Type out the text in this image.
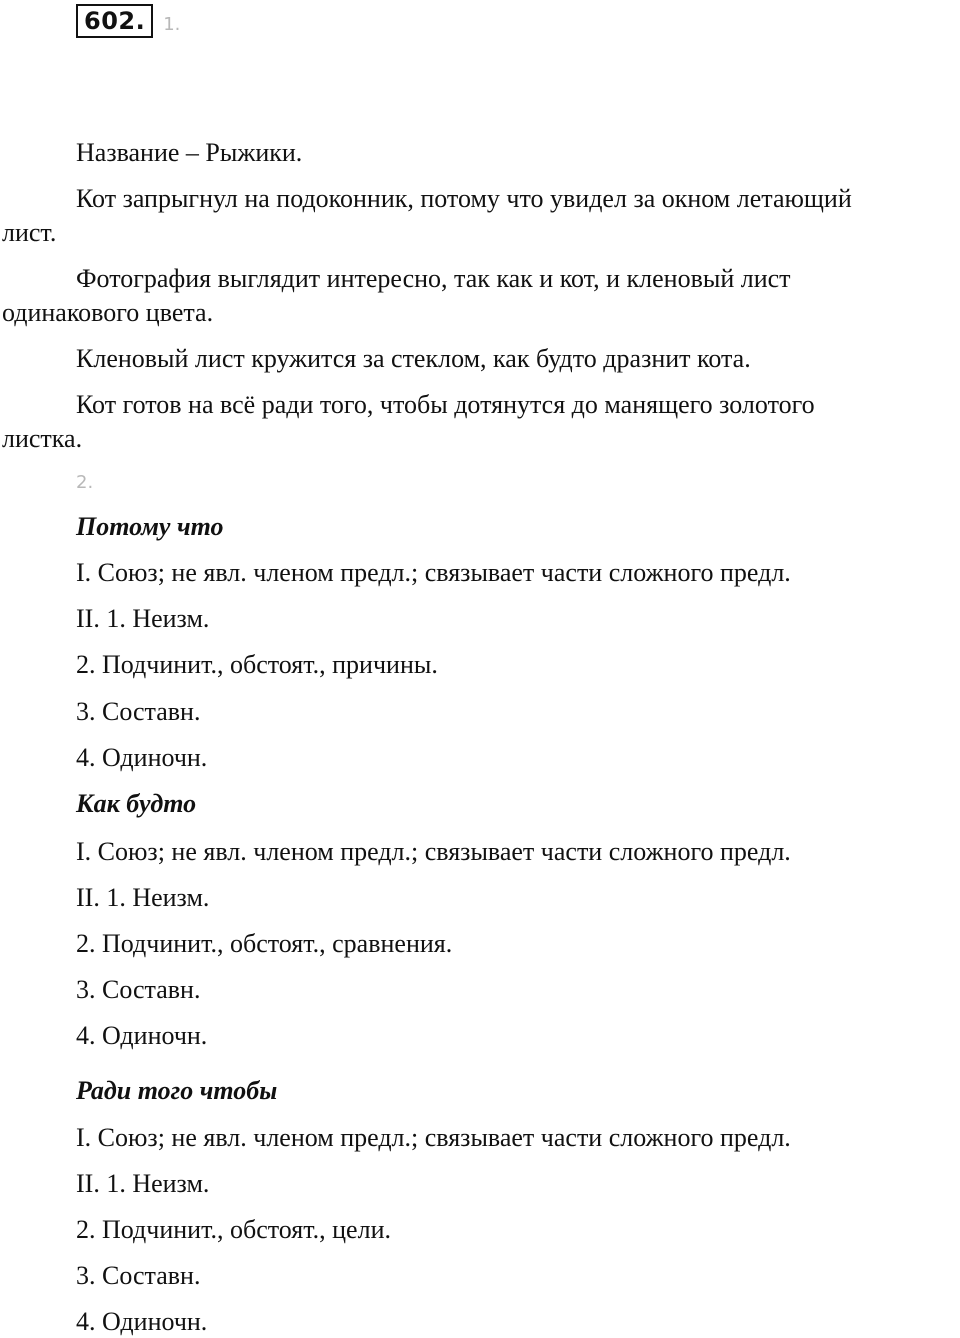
602.	1.
Название – Рыжики.
Кот запрыгнул на подоконник, потому что увидел за окном летающий
лист.
Фотография выглядит интересно, так как и кот, и кленовый лист
одинакового цвета.
Кленовый лист кружится за стеклом, как будто дразнит кота.
Кот готов на всё ради того, чтобы дотянутся до манящего золотого
листка.
2.
Потому что
I. Союз; не явл. членом предл.; связывает части сложного предл.
II. 1. Неизм.
2. Подчинит., обстоят., причины.
3. Составн.
4. Одиночн.
Как будто
I. Союз; не явл. членом предл.; связывает части сложного предл.
II. 1. Неизм.
2. Подчинит., обстоят., сравнения.
3. Составн.
4. Одиночн.
Ради того чтобы
I. Союз; не явл. членом предл.; связывает части сложного предл.
II. 1. Неизм.
2. Подчинит., обстоят., цели.
3. Составн.
4. Одиночн.
